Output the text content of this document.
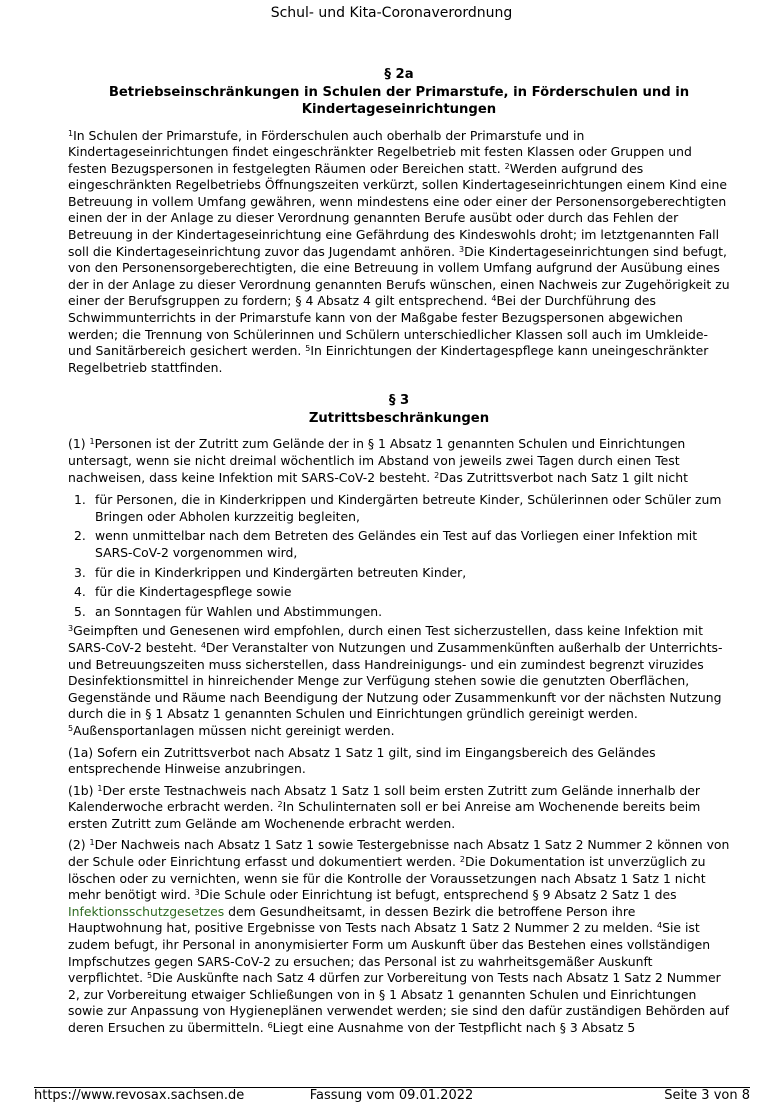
Schul- und Kita-Coronaverordnung
§ 2a
Betriebseinschränkungen in Schulen der Primarstufe, in Förderschulen und in
Kindertageseinrichtungen

$^1$In Schulen der Primarstufe, in Förderschulen auch oberhalb der Primarstufe und in Kindertageseinrichtungen findet eingeschränkter Regelbetrieb mit festen Klassen oder Gruppen und festen Bezugspersonen in festgelegten Räumen oder Bereichen statt. $^2$Werden aufgrund des eingeschränkten Regelbetriebs Öffnungszeiten verkürzt, sollen Kindertageseinrichtungen einem Kind eine Betreuung in vollem Umfang gewähren, wenn mindestens eine oder einer der Personensorgeberechtigten einen der in der Anlage zu dieser Verordnung genannten Berufe ausübt oder durch das Fehlen der Betreuung in der Kindertageseinrichtung eine Gefährdung des Kindeswohls droht; im letztgenannten Fall soll die Kindertageseinrichtung zuvor das Jugendamt anhören. $^3$Die Kindertageseinrichtungen sind befugt, von den Personensorgeberechtigten, die eine Betreuung in vollem Umfang aufgrund der Ausübung eines der in der Anlage zu dieser Verordnung genannten Berufs wünschen, einen Nachweis zur Zugehörigkeit zu einer der Berufsgruppen zu fordern; § 4 Absatz 4 gilt entsprechend. $^4$Bei der Durchführung des Schwimmunterrichts in der Primarstufe kann von der Maßgabe fester Bezugspersonen abgewichen werden; die Trennung von Schülerinnen und Schülern unterschiedlicher Klassen soll auch im Umkleide- und Sanitärbereich gesichert werden. $^5$In Einrichtungen der Kindertagespflege kann uneingeschränkter Regelbetrieb stattfinden.

§ 3
Zutrittsbeschränkungen

(1) $^1$Personen ist der Zutritt zum Gelände der in § 1 Absatz 1 genannten Schulen und Einrichtungen untersagt, wenn sie nicht dreimal wöchentlich im Abstand von jeweils zwei Tagen durch einen Test nachweisen, dass keine Infektion mit SARS-CoV-2 besteht. $^2$Das Zutrittsverbot nach Satz 1 gilt nicht

1. für Personen, die in Kinderkrippen und Kindergärten betreute Kinder, Schülerinnen oder Schüler zum Bringen oder Abholen kurzzeitig begleiten,
2. wenn unmittelbar nach dem Betreten des Geländes ein Test auf das Vorliegen einer Infektion mit SARS-CoV-2 vorgenommen wird,
3. für die in Kinderkrippen und Kindergärten betreuten Kinder,
4. für die Kindertagespflege sowie
5. an Sonntagen für Wahlen und Abstimmungen.

$^3$Geimpften und Genesenen wird empfohlen, durch einen Test sicherzustellen, dass keine Infektion mit SARS-CoV-2 besteht. $^4$Der Veranstalter von Nutzungen und Zusammenkünften außerhalb der Unterrichts- und Betreuungszeiten muss sicherstellen, dass Handreinigungs- und ein zumindest begrenzt viruzides Desinfektionsmittel in hinreichender Menge zur Verfügung stehen sowie die genutzten Oberflächen, Gegenstände und Räume nach Beendigung der Nutzung oder Zusammenkunft vor der nächsten Nutzung durch die in § 1 Absatz 1 genannten Schulen und Einrichtungen gründlich gereinigt werden.
$^5$Außensportanlagen müssen nicht gereinigt werden.

(1a) Sofern ein Zutrittsverbot nach Absatz 1 Satz 1 gilt, sind im Eingangsbereich des Geländes entsprechende Hinweise anzubringen.

(1b) $^1$Der erste Testnachweis nach Absatz 1 Satz 1 soll beim ersten Zutritt zum Gelände innerhalb der Kalenderwoche erbracht werden. $^2$In Schulinternaten soll er bei Anreise am Wochenende bereits beim ersten Zutritt zum Gelände am Wochenende erbracht werden.

(2) $^1$Der Nachweis nach Absatz 1 Satz 1 sowie Testergebnisse nach Absatz 1 Satz 2 Nummer 2 können von der Schule oder Einrichtung erfasst und dokumentiert werden. $^2$Die Dokumentation ist unverzüglich zu löschen oder zu vernichten, wenn sie für die Kontrolle der Voraussetzungen nach Absatz 1 Satz 1 nicht mehr benötigt wird. $^3$Die Schule oder Einrichtung ist befugt, entsprechend § 9 Absatz 2 Satz 1 des Infektionsschutzgesetzes dem Gesundheitsamt, in dessen Bezirk die betroffene Person ihre Hauptwohnung hat, positive Ergebnisse von Tests nach Absatz 1 Satz 2 Nummer 2 zu melden. $^4$Sie ist zudem befugt, ihr Personal in anonymisierter Form um Auskunft über das Bestehen eines vollständigen Impfschutzes gegen SARS-CoV-2 zu ersuchen; das Personal ist zu wahrheitsgemäßer Auskunft verpflichtet. $^5$Die Auskünfte nach Satz 4 dürfen zur Vorbereitung von Tests nach Absatz 1 Satz 2 Nummer 2, zur Vorbereitung etwaiger Schließungen von in § 1 Absatz 1 genannten Schulen und Einrichtungen sowie zur Anpassung von Hygieneplänen verwendet werden; sie sind den dafür zuständigen Behörden auf deren Ersuchen zu übermitteln. $^6$Liegt eine Ausnahme von der Testpflicht nach § 3 Absatz 5

https://www.revosax.sachsen.de	Fassung vom 09.01.2022	Seite 3 von 8
